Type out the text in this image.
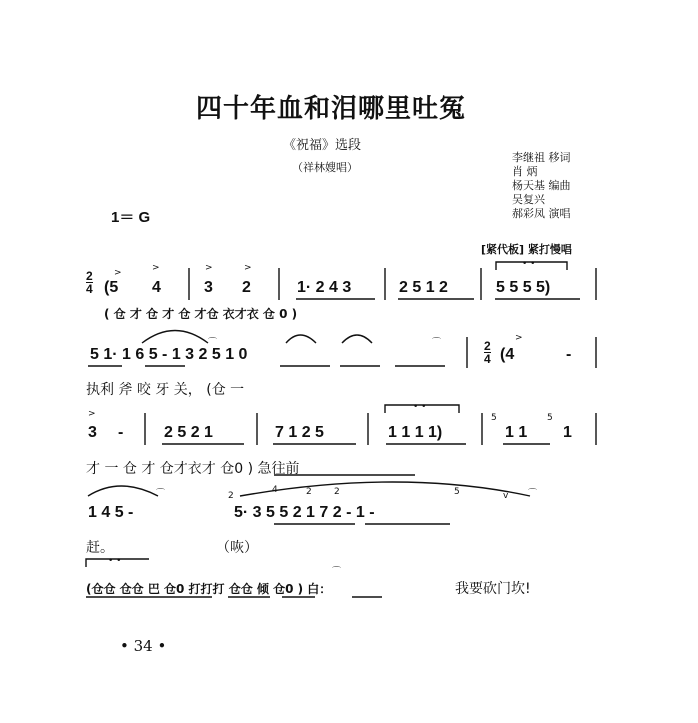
四十年血和泪哪里吐冤
《祝福》选段
（祥林嫂唱）
李继祖 移词
肖 炳
杨天基 编曲
吴复兴
郝彩凤 演唱
1＝ G
[紧代板] 紧打慢唱
2
4 (5 4	3 2	1· 2 4 3	2 5 1 2	5 5 5 5)
( 仓 才 仓 才 仓 才仓 衣才衣 仓 0 )
5 1· 1 6 5 - 1 3 2 5 1 0	2
4 (4	-
执利 斧 咬 牙 关， (仓 一
3 -	2 5 2 1	7 1 2 5	1 1 1 1)	1 1 1
才 一 仓 才 仓才衣才 仓0 ) 急往前
1 4 5 -	5· 3 5 5 2 1 7 2 - 1 -
赶。	（咴）
(仓仓 仓仓 巴 仓0 打打打 仓仓 倾 仓0 ) 白：	我要砍门坎!
• 34 •
>	>	>	>
>
>
v
• •
• •
• •
⌒	⌒
⌒	⌒
⌒
2
4	2 2	5
5	5
